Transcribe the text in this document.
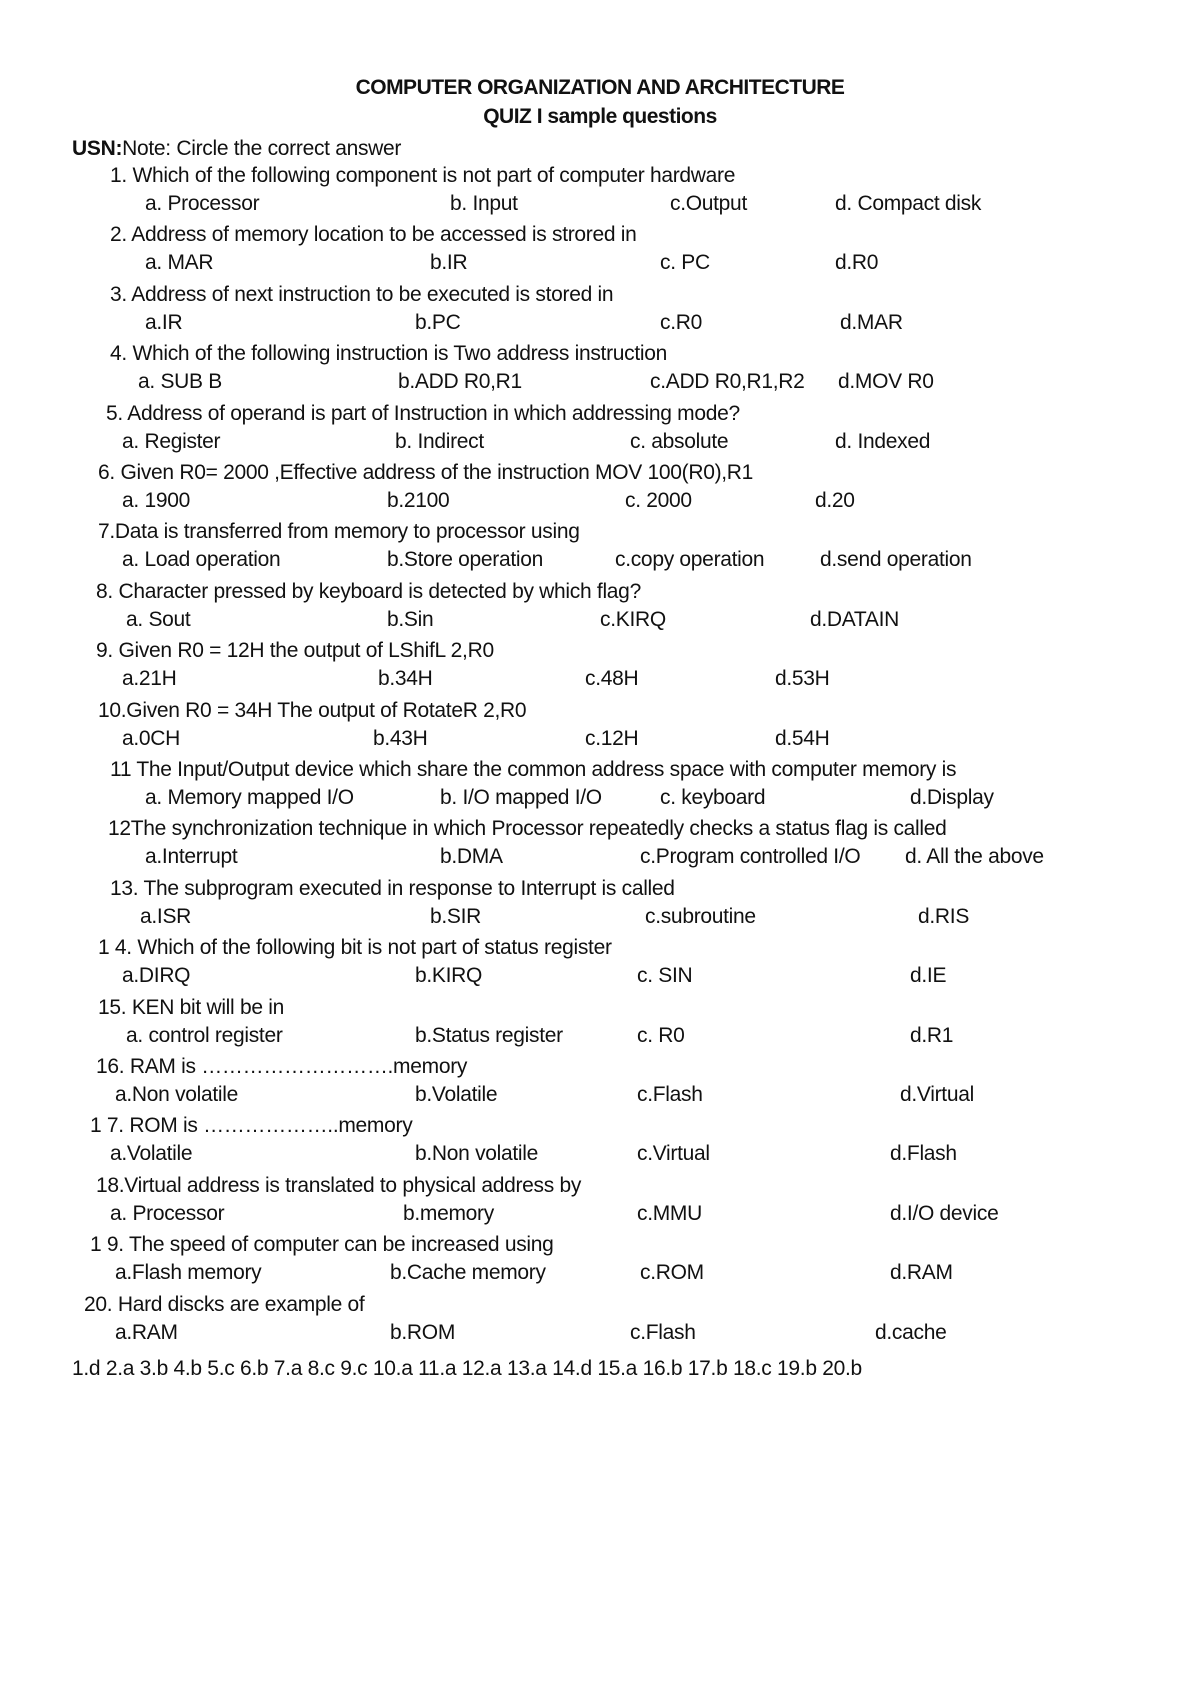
COMPUTER ORGANIZATION AND ARCHITECTURE
QUIZ I sample questions
USN:Note: Circle the correct answer
1. Which of the following component is not part of computer hardware
a. Processor	b. Input	c.Output	d. Compact disk
2. Address of memory location to be accessed is strored in
a. MAR	b.IR	c. PC	d.R0
3. Address of next instruction to be executed is stored in
a.IR	b.PC	c.R0	d.MAR
4. Which of the following instruction is Two address instruction
a. SUB B	b.ADD R0,R1	c.ADD R0,R1,R2 d.MOV R0
5. Address of operand is part of Instruction in which addressing mode?
a. Register	b. Indirect	c. absolute	d. Indexed
6. Given R0= 2000 ,Effective address of the instruction MOV 100(R0),R1
a. 1900	b.2100	c. 2000	d.20
7.Data is transferred from memory to processor using
a. Load operation	b.Store operation	c.copy operation	d.send operation
8. Character pressed by keyboard is detected by which flag?
a. Sout	b.Sin	c.KIRQ	d.DATAIN
9. Given R0 = 12H the output of LShifL 2,R0
a.21H	b.34H	c.48H	d.53H
10.Given R0 = 34H The output of RotateR 2,R0
a.0CH	b.43H	c.12H	d.54H
11 The Input/Output device which share the common address space with computer memory is
a. Memory mapped I/O	b. I/O mapped I/O	c. keyboard	d.Display
12The synchronization technique in which Processor repeatedly checks a status flag is called
a.Interrupt	b.DMA	c.Program controlled I/O d. All the above
13. The subprogram executed in response to Interrupt is called
a.ISR	b.SIR	c.subroutine	d.RIS
1 4. Which of the following bit is not part of status register
a.DIRQ	b.KIRQ	c. SIN	d.IE
15. KEN bit will be in
a. control register	b.Status register	c. R0	d.R1
16. RAM is ……………………….memory
a.Non volatile	b.Volatile	c.Flash	d.Virtual
1 7. ROM is ………………..memory
a.Volatile	b.Non volatile	c.Virtual	d.Flash
18.Virtual address is translated to physical address by
a. Processor	b.memory	c.MMU	d.I/O device
1 9. The speed of computer can be increased using
a.Flash memory	b.Cache memory	c.ROM	d.RAM
20. Hard discks are example of
a.RAM	b.ROM	c.Flash	d.cache
1.d 2.a 3.b 4.b 5.c 6.b 7.a 8.c 9.c 10.a 11.a 12.a 13.a 14.d 15.a 16.b 17.b 18.c 19.b 20.b
